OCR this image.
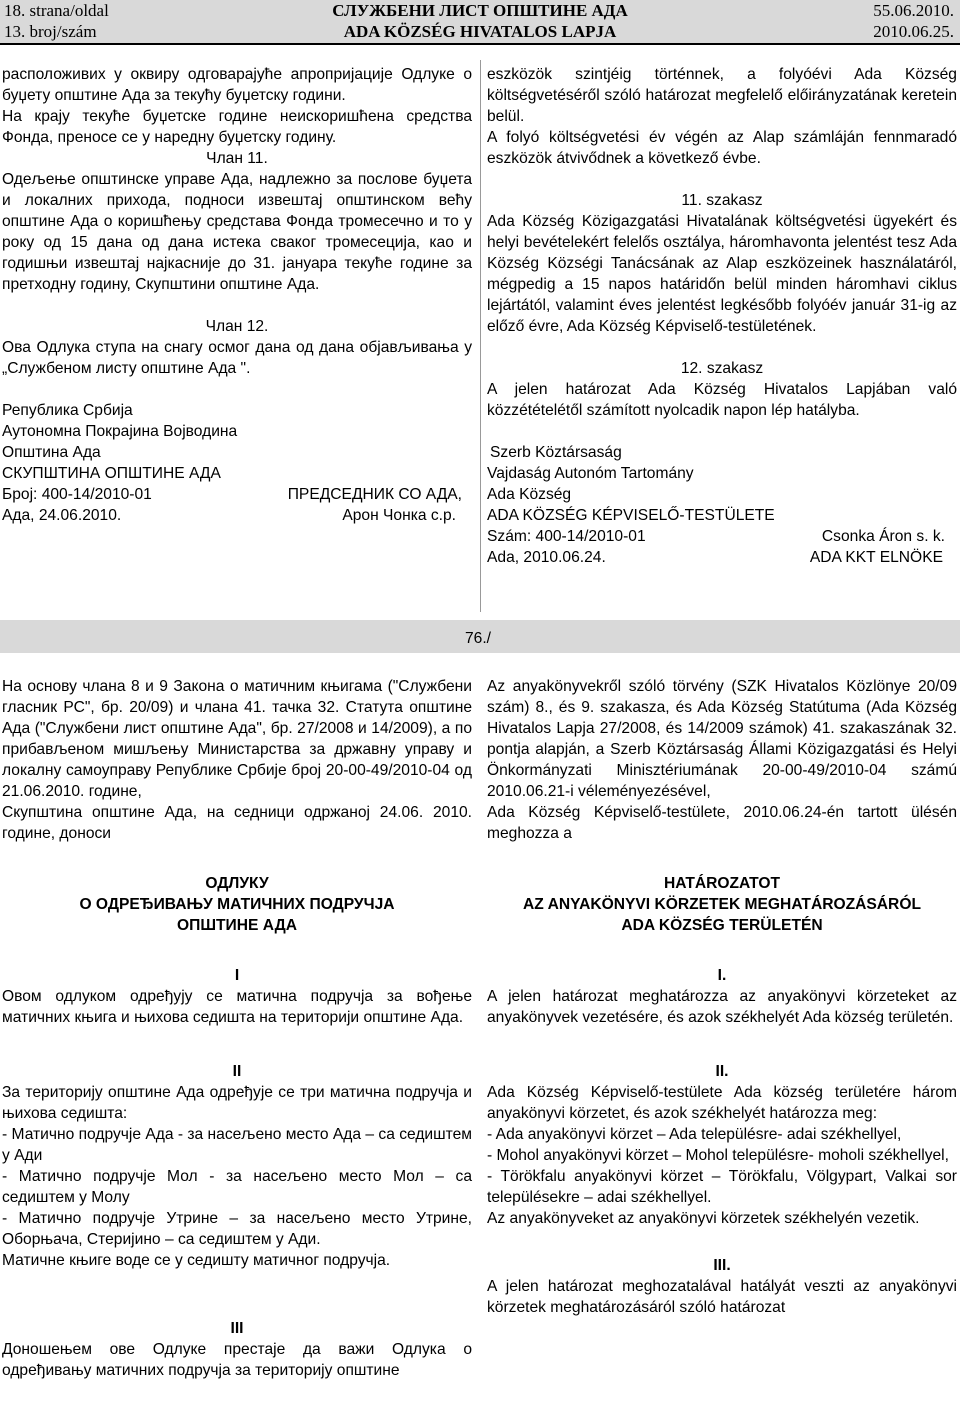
18. strana/oldal
13. broj/szám
СЛУЖБЕНИ ЛИСТ ОПШТИНЕ АДА
ADA KÖZSÉG HIVATALOS LAPJA
55.06.2010.
2010.06.25.

расположивих у оквиру одговарајуће апропријације Одлуке о буџету општине Ада за текућу буџетску години.

На крају текуће буџетске године неискоришћена средства Фонда, преносе се у наредну буџетску годину.

Члан 11.

Одељење општинске управе Ада, надлежно за послове буџета и локалних прихода, подноси извештај општинском већу општине Ада о коришћењу средстава Фонда тромесечно и то у року од 15 дана од дана истека сваког тромесеција, као и годишњи извештај најкасније до 31. јануара текуће године за претходну годину, Скупштини општине Ада.

Члан 12.

Ова Одлука ступа на снагу осмог дана од дана објављивања у „Службеном листу општине Ада ".

Република Србија

Аутономна Покрајина Војводина

Општина Ада

СКУПШТИНА ОПШТИНЕ АДА

Број: 400-14/2010-01	ПРЕДСЕДНИК СО АДА,
Ада, 24.06.2010.	Арон Чонка с.р.

eszközök szintjéig történnek, a folyóévi Ada Község költségvetéséről szóló határozat megfelelő előirányzatának keretein belül.

A folyó költségvetési év végén az Alap számláján fennmaradó eszközök átvivődnek a következő évbe.

11. szakasz

Ada Község Közigazgatási Hivatalának költségvetési ügyekért és helyi bevételekért felelős osztálya, háromhavonta jelentést tesz Ada Község Községi Tanácsának az Alap eszközeinek használatáról, mégpedig a 15 napos határidőn belül minden háromhavi ciklus lejártától, valamint éves jelentést legkésőbb folyóév január 31-ig az előző évre, Ada Község Képviselő-testületének.

12. szakasz

A jelen határozat Ada Község Hivatalos Lapjában való közzétételétől számított nyolcadik napon lép hatályba.

Szerb Köztársaság

Vajdaság Autonóm Tartomány

Ada Község

ADA KÖZSÉG KÉPVISELŐ-TESTÜLETE

Szám: 400-14/2010-01	Csonka Áron s. k.
Ada, 2010.06.24.	ADA KKT ELNÖKE
76./

На основу члана 8 и 9 Закона о матичним књигама ("Службени гласник РС", бр. 20/09) и члана 41. тачка 32. Статута општине Ада ("Службени лист општине Ада", бр. 27/2008 и 14/2009), а по прибављеном мишљењу Министарства за државну управу и локалну самоуправу Републике Србије број 20-00-49/2010-04 од 21.06.2010. године,

Скупштина општине Ада, на седници одржаној 24.06. 2010. године, доноси

ОДЛУКУ

О ОДРЕЂИВАЊУ МАТИЧНИХ ПОДРУЧЈА

ОПШТИНЕ АДА

I

Овом одлуком одређују се матична подручја за вођење матичних књига и њихова седишта на територији општине Ада.

II

За територију општине Ада одређује се три матична подручја и њихова седишта:

- Матично подручје Ада - за насељено место Ада – са седиштем у Ади

- Матично подручје Мол - за насељено место Мол – са седиштем у Молу

- Матично подручје Утрине – за насељено место Утрине, Оборњача, Стеријино – са седиштем у Ади.

Матичне књиге воде се у седишту матичног подручја.

III

Доношењем ове Одлуке престаје да важи Одлука о одређивању матичних подручја за територију општине

Az anyakönyvekről szóló törvény (SZK Hivatalos Közlönye 20/09 szám) 8., és 9. szakasza, és Ada Község Statútuma (Ada Község Hivatalos Lapja 27/2008, és 14/2009 számok) 41. szakaszának 32. pontja alapján, a Szerb Köztársaság Állami Közigazgatási és Helyi Önkormányzati Minisztériumának 20-00-49/2010-04 számú 2010.06.21-i véleményezésével,

Ada Község Képviselő-testülete, 2010.06.24-én tartott ülésén meghozza a

HATÁROZATOT

AZ ANYAKÖNYVI KÖRZETEK MEGHATÁROZÁSÁRÓL

ADA KÖZSÉG TERÜLETÉN

I.

A jelen határozat meghatározza az anyakönyvi körzeteket az anyakönyvek vezetésére, és azok székhelyét Ada község területén.

II.

Ada Község Képviselő-testülete Ada község területére három anyakönyvi körzetet, és azok székhelyét határozza meg:

- Ada anyakönyvi körzet – Ada településre- adai székhellyel,

- Mohol anyakönyvi körzet – Mohol településre- moholi székhellyel,

- Törökfalu anyakönyvi körzet – Törökfalu, Völgypart, Valkai sor településekre – adai székhellyel.

Az anyakönyveket az anyakönyvi körzetek székhelyén vezetik.

III.

A jelen határozat meghozatalával hatályát veszti az anyakönyvi körzetek meghatározásáról szóló határozat
